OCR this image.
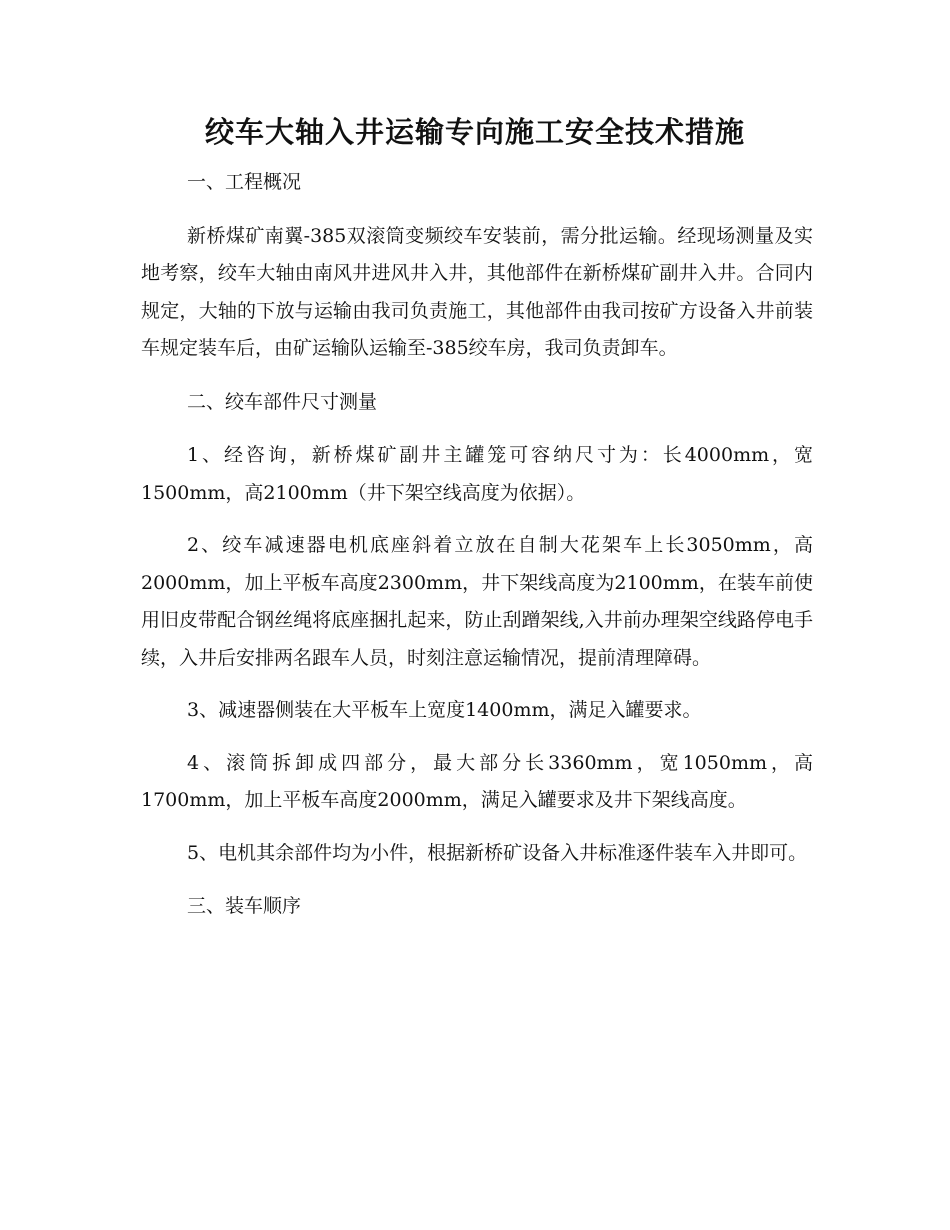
绞车大轴入井运输专向施工安全技术措施

一、工程概况

新桥煤矿南翼-385双滚筒变频绞车安装前，需分批运输。经现场测量及实地考察，绞车大轴由南风井进风井入井，其他部件在新桥煤矿副井入井。合同内规定，大轴的下放与运输由我司负责施工，其他部件由我司按矿方设备入井前装车规定装车后，由矿运输队运输至-385绞车房，我司负责卸车。

二、绞车部件尺寸测量

1、经咨询，新桥煤矿副井主罐笼可容纳尺寸为：长4000mm，宽1500mm，高2100mm（井下架空线高度为依据）。

2、绞车减速器电机底座斜着立放在自制大花架车上长3050mm，高2000mm，加上平板车高度2300mm，井下架线高度为2100mm，在装车前使用旧皮带配合钢丝绳将底座捆扎起来，防止刮蹭架线,入井前办理架空线路停电手续，入井后安排两名跟车人员，时刻注意运输情况，提前清理障碍。

3、减速器侧装在大平板车上宽度1400mm，满足入罐要求。

4、滚筒拆卸成四部分，最大部分长3360mm，宽1050mm，高1700mm，加上平板车高度2000mm，满足入罐要求及井下架线高度。

5、电机其余部件均为小件，根据新桥矿设备入井标准逐件装车入井即可。

三、装车顺序
